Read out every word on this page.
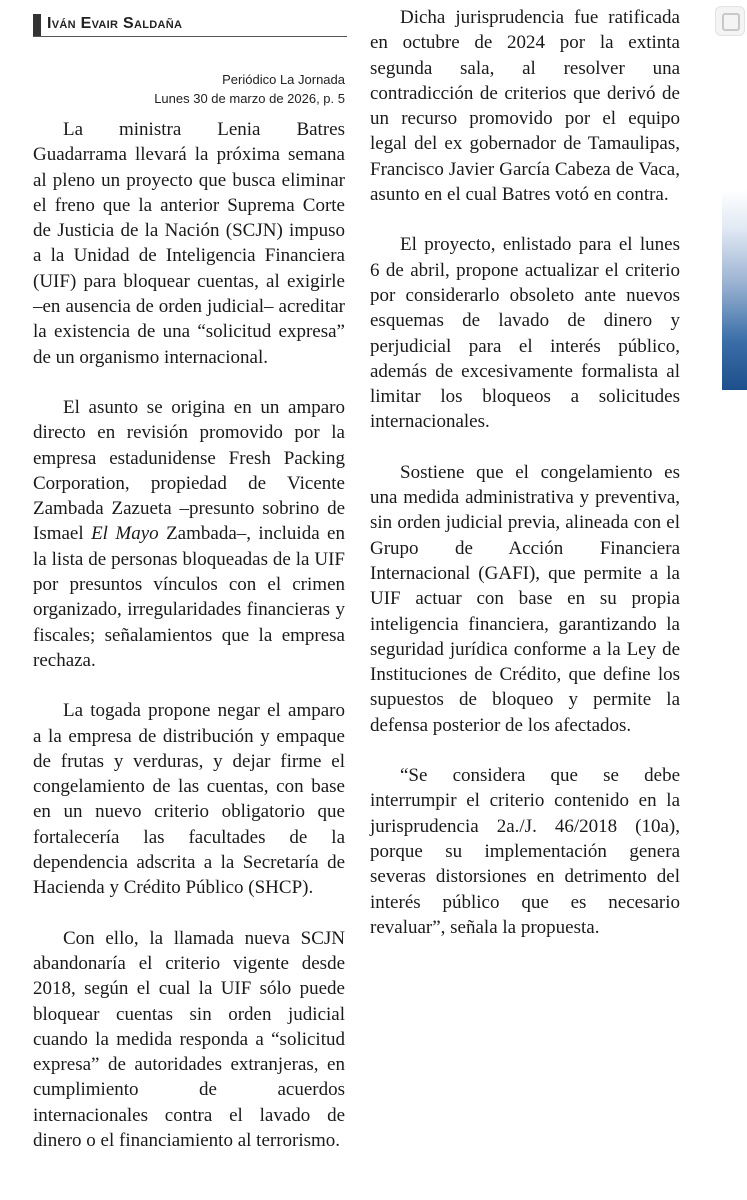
Iván Evair Saldaña
Periódico La Jornada
Lunes 30 de marzo de 2026, p. 5

La ministra Lenia Batres Guadarrama llevará la próxima semana al pleno un proyecto que busca eliminar el freno que la anterior Suprema Corte de Justicia de la Nación (SCJN) impuso a la Unidad de Inteligencia Financiera (UIF) para bloquear cuentas, al exigirle –en ausencia de orden judicial– acreditar la existencia de una “solicitud expresa” de un organismo internacional.

El asunto se origina en un amparo directo en revisión promovido por la empresa estadunidense Fresh Packing Corporation, propiedad de Vicente Zambada Zazueta –presunto sobrino de Ismael El Mayo Zambada–, incluida en la lista de personas bloqueadas de la UIF por presuntos vínculos con el crimen organizado, irregularidades financieras y fiscales; señalamientos que la empresa rechaza.

La togada propone negar el amparo a la empresa de distribución y empaque de frutas y verduras, y dejar firme el congelamiento de las cuentas, con base en un nuevo criterio obligatorio que fortalecería las facultades de la dependencia adscrita a la Secretaría de Hacienda y Crédito Público (SHCP).

Con ello, la llamada nueva SCJN abandonaría el criterio vigente desde 2018, según el cual la UIF sólo puede bloquear cuentas sin orden judicial cuando la medida responda a “solicitud expresa” de autoridades extranjeras, en cumplimiento de acuerdos internacionales contra el lavado de dinero o el financiamiento al terrorismo.

Dicha jurisprudencia fue ratificada en octubre de 2024 por la extinta segunda sala, al resolver una contradicción de criterios que derivó de un recurso promovido por el equipo legal del ex gobernador de Tamaulipas, Francisco Javier García Cabeza de Vaca, asunto en el cual Batres votó en contra.

El proyecto, enlistado para el lunes 6 de abril, propone actualizar el criterio por considerarlo obsoleto ante nuevos esquemas de lavado de dinero y perjudicial para el interés público, además de excesivamente formalista al limitar los bloqueos a solicitudes internacionales.

Sostiene que el congelamiento es una medida administrativa y preventiva, sin orden judicial previa, alineada con el Grupo de Acción Financiera Internacional (GAFI), que permite a la UIF actuar con base en su propia inteligencia financiera, garantizando la seguridad jurídica conforme a la Ley de Instituciones de Crédito, que define los supuestos de bloqueo y permite la defensa posterior de los afectados.

“Se considera que se debe interrumpir el criterio contenido en la jurisprudencia 2a./J. 46/2018 (10a), porque su implementación genera severas distorsiones en detrimento del interés público que es necesario revaluar”, señala la propuesta.
